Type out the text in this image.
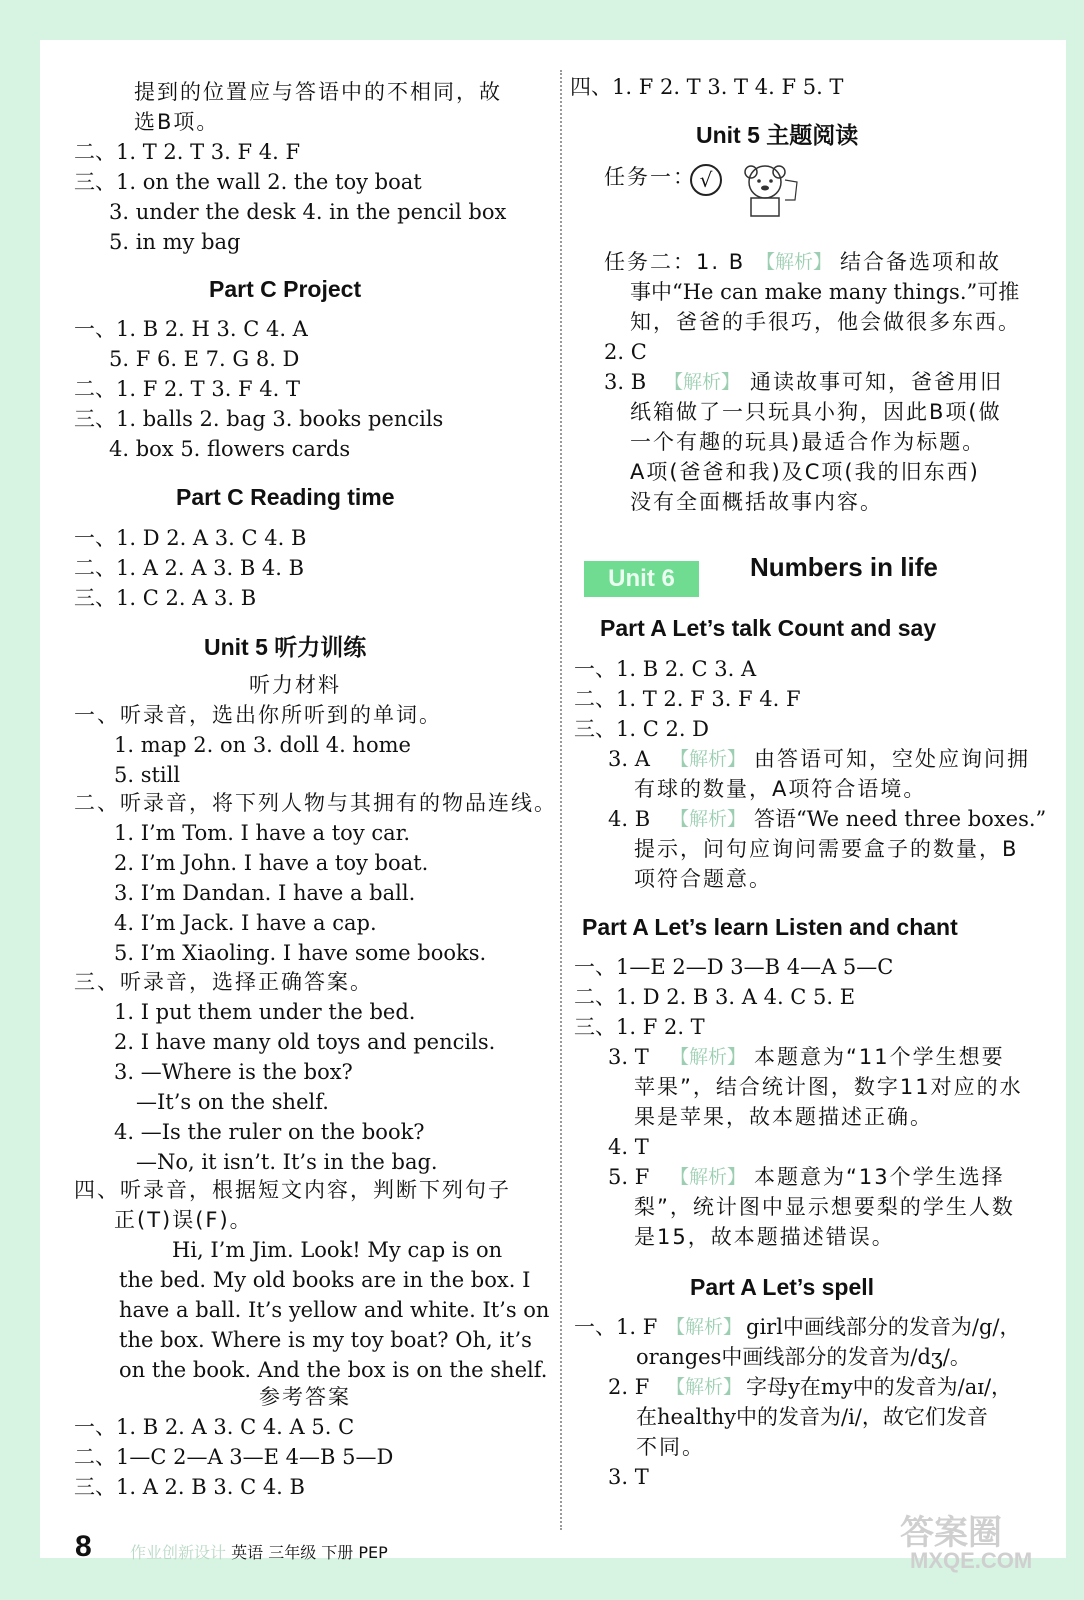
提到的位置应与答语中的不相同，故
选B项。
二、1. T 2. T 3. F 4. F
三、1. on the wall 2. the toy boat
3. under the desk 4. in the pencil box
5. in my bag
Part C Project
一、1. B 2. H 3. C 4. A
5. F 6. E 7. G 8. D
二、1. F 2. T 3. F 4. T
三、1. balls 2. bag 3. books pencils
4. box 5. flowers cards
Part C Reading time
一、1. D 2. A 3. C 4. B
二、1. A 2. A 3. B 4. B
三、1. C 2. A 3. B
Unit 5 听力训练
听力材料
一、听录音，选出你所听到的单词。
1. map 2. on 3. doll 4. home
5. still
二、听录音，将下列人物与其拥有的物品连线。
1. I’m Tom. I have a toy car.
2. I’m John. I have a toy boat.
3. I’m Dandan. I have a ball.
4. I’m Jack. I have a cap.
5. I’m Xiaoling. I have some books.
三、听录音，选择正确答案。
1. I put them under the bed.
2. I have many old toys and pencils.
3. —Where is the box?
—It’s on the shelf.
4. —Is the ruler on the book?
—No, it isn’t. It’s in the bag.
四、听录音，根据短文内容，判断下列句子
正(T)误(F)。
Hi, I’m Jim. Look! My cap is on
the bed. My old books are in the box. I
have a ball. It’s yellow and white. It’s on
the box. Where is my toy boat? Oh, it’s
on the book. And the box is on the shelf.
参考答案
一、1. B 2. A 3. C 4. A 5. C
二、1—C 2—A 3—E 4—B 5—D
三、1. A 2. B 3. C 4. B
四、1. F 2. T 3. T 4. F 5. T
Unit 5 主题阅读
任务一：
任务二：1. B 【解析】 结合备选项和故
事中“He can make many things.”可推
知，爸爸的手很巧，他会做很多东西。
2. C
3. B 【解析】 通读故事可知，爸爸用旧
纸箱做了一只玩具小狗，因此B项(做
一个有趣的玩具)最适合作为标题。
A项(爸爸和我)及C项(我的旧东西)
没有全面概括故事内容。
Numbers in life
Part A Let’s talk Count and say
一、1. B 2. C 3. A
二、1. T 2. F 3. F 4. F
三、1. C 2. D
3. A 【解析】 由答语可知，空处应询问拥
有球的数量，A项符合语境。
4. B 【解析】 答语“We need three boxes.”
提示，问句应询问需要盒子的数量，B
项符合题意。
Part A Let’s learn Listen and chant
一、1—E 2—D 3—B 4—A 5—C
二、1. D 2. B 3. A 4. C 5. E
三、1. F 2. T
3. T 【解析】 本题意为“11个学生想要
苹果”，结合统计图，数字11对应的水
果是苹果，故本题描述正确。
4. T
5. F 【解析】 本题意为“13个学生选择
梨”，统计图中显示想要梨的学生人数
是15，故本题描述错误。
Part A Let’s spell
一、1. F 【解析】 girl中画线部分的发音为/g/，
oranges中画线部分的发音为/dʒ/。
2. F 【解析】 字母y在my中的发音为/aɪ/，
在healthy中的发音为/i/，故它们发音
不同。
3. T
Unit 6
√
8 作业创新设计 英语 三年级 下册 PEP	答案圈
MXQE.COM
